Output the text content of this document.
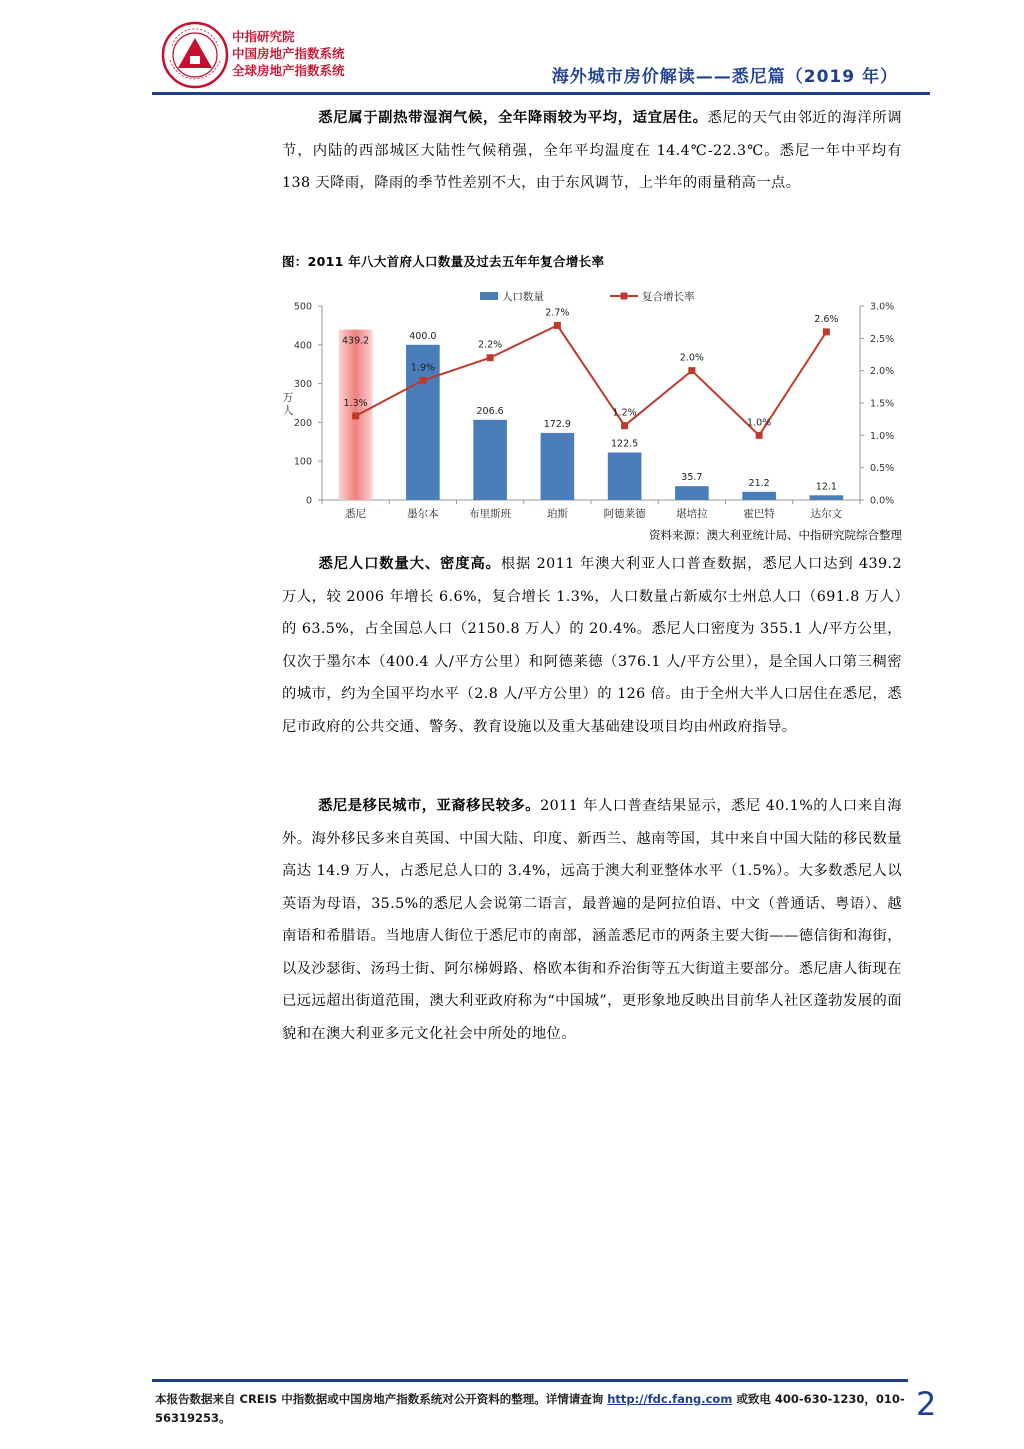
中指研究院
中国房地产指数系统
全球房地产指数系统	海外城市房价解读——悉尼篇（2019 年）
悉尼属于副热带湿润气候，全年降雨较为平均，适宜居住。悉尼的天气由邻近的海洋所调节，内陆的西部城区大陆性气候稍强，全年平均温度在 14.4℃-22.3℃。悉尼一年中平均有 138 天降雨，降雨的季节性差别不大，由于东风调节，上半年的雨量稍高一点。
图：2011 年八大首府人口数量及过去五年年复合增长率
0
100
200
300
400
500
0.0%
0.5%
1.0%
1.5%
2.0%
2.5%
3.0%
万
人
悉尼	墨尔本	布里斯班	珀斯	阿德莱德	堪培拉	霍巴特	达尔文
439.2	400.0
206.6
172.9
122.5
35.7
21.2	12.1
1.3%
1.9%
2.2%
2.7%
1.2%
2.0%
1.0%
2.6%
人口数量	复合增长率
资料来源：澳大利亚统计局、中指研究院综合整理
悉尼人口数量大、密度高。根据 2011 年澳大利亚人口普查数据，悉尼人口达到 439.2 万人，较 2006 年增长 6.6%，复合增长 1.3%，人口数量占新威尔士州总人口（691.8 万人）的 63.5%，占全国总人口（2150.8 万人）的 20.4%。悉尼人口密度为 355.1 人/平方公里，仅次于墨尔本（400.4 人/平方公里）和阿德莱德（376.1 人/平方公里），是全国人口第三稠密的城市，约为全国平均水平（2.8 人/平方公里）的 126 倍。由于全州大半人口居住在悉尼，悉尼市政府的公共交通、警务、教育设施以及重大基础建设项目均由州政府指导。
悉尼是移民城市，亚裔移民较多。2011 年人口普查结果显示，悉尼 40.1%的人口来自海外。海外移民多来自英国、中国大陆、印度、新西兰、越南等国，其中来自中国大陆的移民数量高达 14.9 万人，占悉尼总人口的 3.4%，远高于澳大利亚整体水平（1.5%）。大多数悉尼人以英语为母语，35.5%的悉尼人会说第二语言，最普遍的是阿拉伯语、中文（普通话、粤语）、越南语和希腊语。当地唐人街位于悉尼市的南部，涵盖悉尼市的两条主要大街——德信街和海街，以及沙瑟街、汤玛士街、阿尔梯姆路、格欧本街和乔治街等五大街道主要部分。悉尼唐人街现在已远远超出街道范围，澳大利亚政府称为“中国城”，更形象地反映出目前华人社区蓬勃发展的面貌和在澳大利亚多元文化社会中所处的地位。
本报告数据来自 CREIS 中指数据或中国房地产指数系统对公开资料的整理。详情请查询 http://fdc.fang.com 或致电 400-630-1230，010-56319253。	2
